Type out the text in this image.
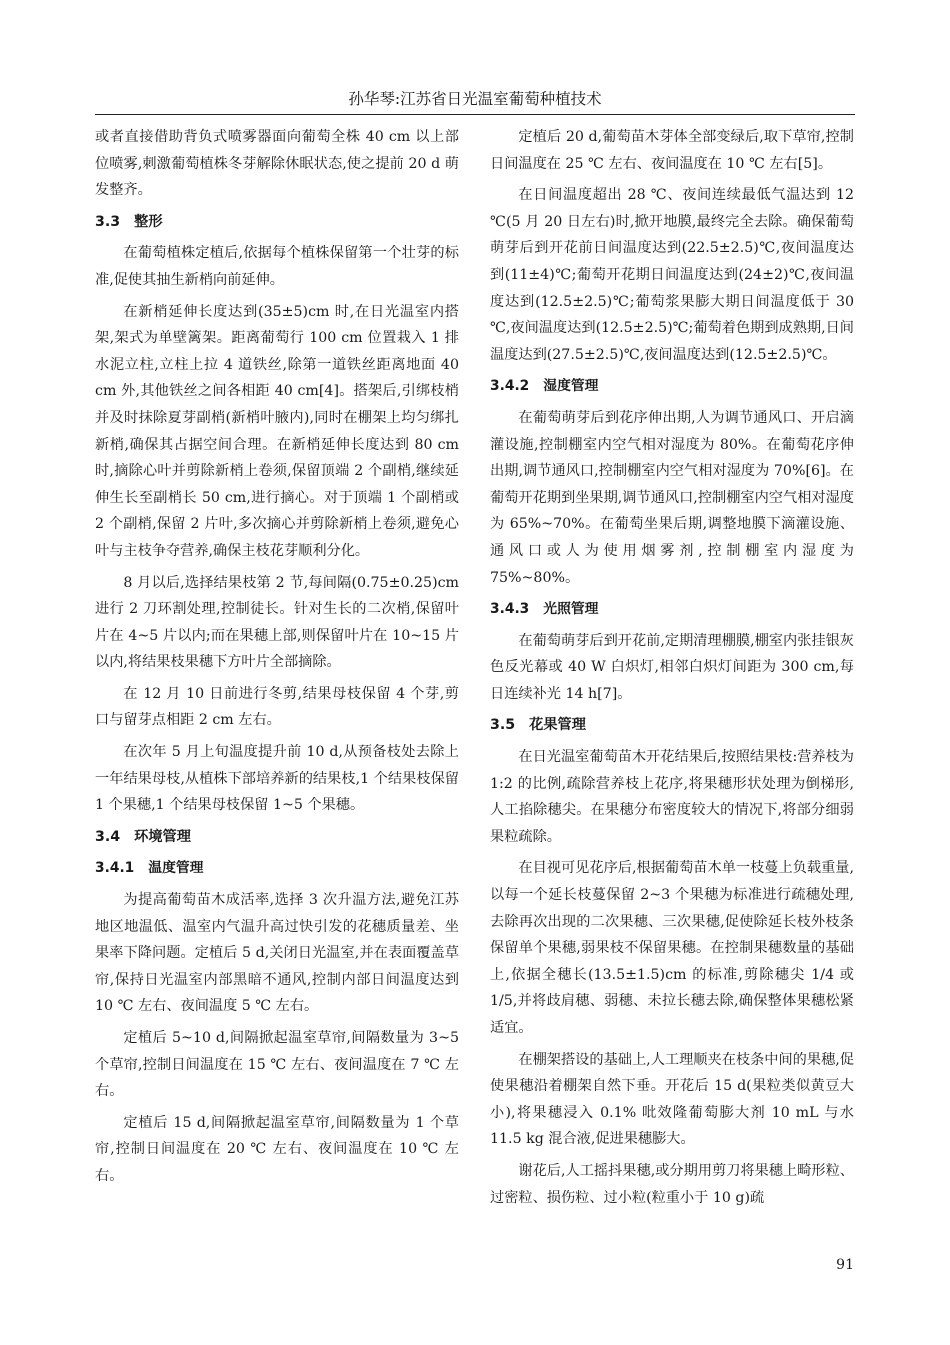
孙华琴:江苏省日光温室葡萄种植技术

或者直接借助背负式喷雾器面向葡萄全株 40 cm 以上部位喷雾,刺激葡萄植株冬芽解除休眠状态,使之提前 20 d 萌发整齐。

3.3 整形

在葡萄植株定植后,依据每个植株保留第一个壮芽的标准,促使其抽生新梢向前延伸。

在新梢延伸长度达到(35±5)cm 时,在日光温室内搭架,架式为单壁篱架。距离葡萄行 100 cm 位置栽入 1 排水泥立柱,立柱上拉 4 道铁丝,除第一道铁丝距离地面 40 cm 外,其他铁丝之间各相距 40 cm[4]。搭架后,引绑枝梢并及时抹除夏芽副梢(新梢叶腋内),同时在棚架上均匀绑扎新梢,确保其占据空间合理。在新梢延伸长度达到 80 cm 时,摘除心叶并剪除新梢上卷须,保留顶端 2 个副梢,继续延伸生长至副梢长 50 cm,进行摘心。对于顶端 1 个副梢或 2 个副梢,保留 2 片叶,多次摘心并剪除新梢上卷须,避免心叶与主枝争夺营养,确保主枝花芽顺利分化。

8 月以后,选择结果枝第 2 节,每间隔(0.75±0.25)cm 进行 2 刀环割处理,控制徒长。针对生长的二次梢,保留叶片在 4~5 片以内;而在果穗上部,则保留叶片在 10~15 片以内,将结果枝果穗下方叶片全部摘除。

在 12 月 10 日前进行冬剪,结果母枝保留 4 个芽,剪口与留芽点相距 2 cm 左右。

在次年 5 月上旬温度提升前 10 d,从预备枝处去除上一年结果母枝,从植株下部培养新的结果枝,1 个结果枝保留 1 个果穗,1 个结果母枝保留 1~5 个果穗。

3.4 环境管理
3.4.1 温度管理

为提高葡萄苗木成活率,选择 3 次升温方法,避免江苏地区地温低、温室内气温升高过快引发的花穗质量差、坐果率下降问题。定植后 5 d,关闭日光温室,并在表面覆盖草帘,保持日光温室内部黑暗不通风,控制内部日间温度达到 10 ℃ 左右、夜间温度 5 ℃ 左右。

定植后 5~10 d,间隔掀起温室草帘,间隔数量为 3~5 个草帘,控制日间温度在 15 ℃ 左右、夜间温度在 7 ℃ 左右。

定植后 15 d,间隔掀起温室草帘,间隔数量为 1 个草帘,控制日间温度在 20 ℃ 左右、夜间温度在 10 ℃ 左右。

定植后 20 d,葡萄苗木芽体全部变绿后,取下草帘,控制日间温度在 25 ℃ 左右、夜间温度在 10 ℃ 左右[5]。

在日间温度超出 28 ℃、夜间连续最低气温达到 12 ℃(5 月 20 日左右)时,掀开地膜,最终完全去除。确保葡萄萌芽后到开花前日间温度达到(22.5±2.5)℃,夜间温度达到(11±4)℃;葡萄开花期日间温度达到(24±2)℃,夜间温度达到(12.5±2.5)℃;葡萄浆果膨大期日间温度低于 30 ℃,夜间温度达到(12.5±2.5)℃;葡萄着色期到成熟期,日间温度达到(27.5±2.5)℃,夜间温度达到(12.5±2.5)℃。

3.4.2 湿度管理

在葡萄萌芽后到花序伸出期,人为调节通风口、开启滴灌设施,控制棚室内空气相对湿度为 80%。在葡萄花序伸出期,调节通风口,控制棚室内空气相对湿度为 70%[6]。在葡萄开花期到坐果期,调节通风口,控制棚室内空气相对湿度为 65%~70%。在葡萄坐果后期,调整地膜下滴灌设施、通风口或人为使用烟雾剂,控制棚室内湿度为 75%~80%。

3.4.3 光照管理

在葡萄萌芽后到开花前,定期清理棚膜,棚室内张挂银灰色反光幕或 40 W 白炽灯,相邻白炽灯间距为 300 cm,每日连续补光 14 h[7]。

3.5 花果管理

在日光温室葡萄苗木开花结果后,按照结果枝:营养枝为 1:2 的比例,疏除营养枝上花序,将果穗形状处理为倒梯形,人工掐除穗尖。在果穗分布密度较大的情况下,将部分细弱果粒疏除。

在目视可见花序后,根据葡萄苗木单一枝蔓上负载重量,以每一个延长枝蔓保留 2~3 个果穗为标准进行疏穗处理,去除再次出现的二次果穗、三次果穗,促使除延长枝外枝条保留单个果穗,弱果枝不保留果穗。在控制果穗数量的基础上,依据全穗长(13.5±1.5)cm 的标准,剪除穗尖 1/4 或 1/5,并将歧肩穗、弱穗、未拉长穗去除,确保整体果穗松紧适宜。

在棚架搭设的基础上,人工理顺夹在枝条中间的果穗,促使果穗沿着棚架自然下垂。开花后 15 d(果粒类似黄豆大小),将果穗浸入 0.1% 吡效隆葡萄膨大剂 10 mL 与水 11.5 kg 混合液,促进果穗膨大。

谢花后,人工摇抖果穗,或分期用剪刀将果穗上畸形粒、过密粒、损伤粒、过小粒(粒重小于 10 g)疏

91
